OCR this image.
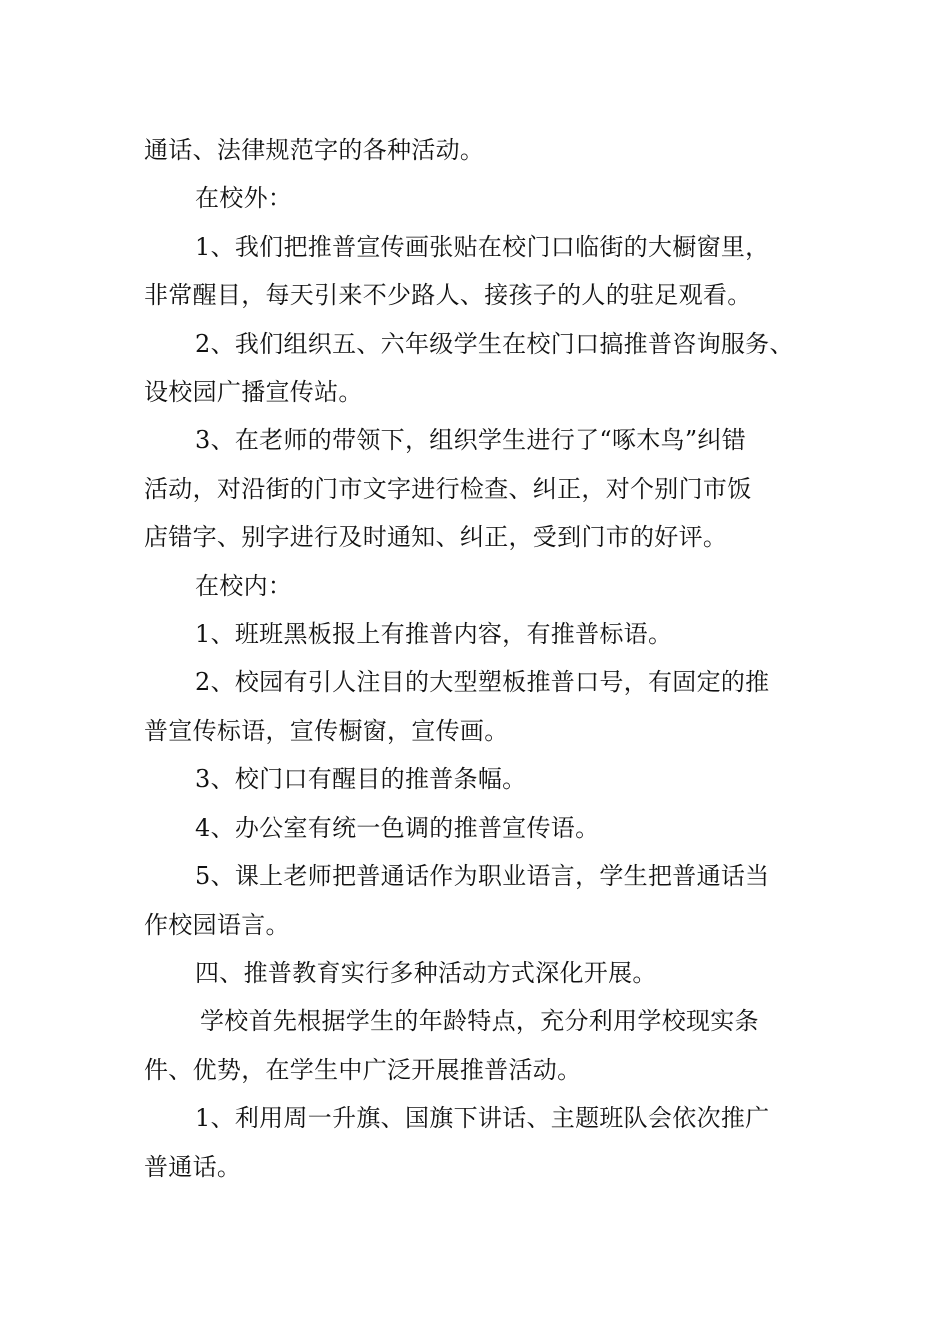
通话、法律规范字的各种活动。

在校外：

1、我们把推普宣传画张贴在校门口临街的大橱窗里，

非常醒目，每天引来不少路人、接孩子的人的驻足观看。

2、我们组织五、六年级学生在校门口搞推普咨询服务、

设校园广播宣传站。

3、在老师的带领下，组织学生进行了“啄木鸟”纠错

活动，对沿街的门市文字进行检查、纠正，对个别门市饭

店错字、别字进行及时通知、纠正，受到门市的好评。

在校内：

1、班班黑板报上有推普内容，有推普标语。

2、校园有引人注目的大型塑板推普口号，有固定的推

普宣传标语，宣传橱窗，宣传画。

3、校门口有醒目的推普条幅。

4、办公室有统一色调的推普宣传语。

5、课上老师把普通话作为职业语言，学生把普通话当

作校园语言。

四、推普教育实行多种活动方式深化开展。

学校首先根据学生的年龄特点，充分利用学校现实条

件、优势，在学生中广泛开展推普活动。

1、利用周一升旗、国旗下讲话、主题班队会依次推广

普通话。
